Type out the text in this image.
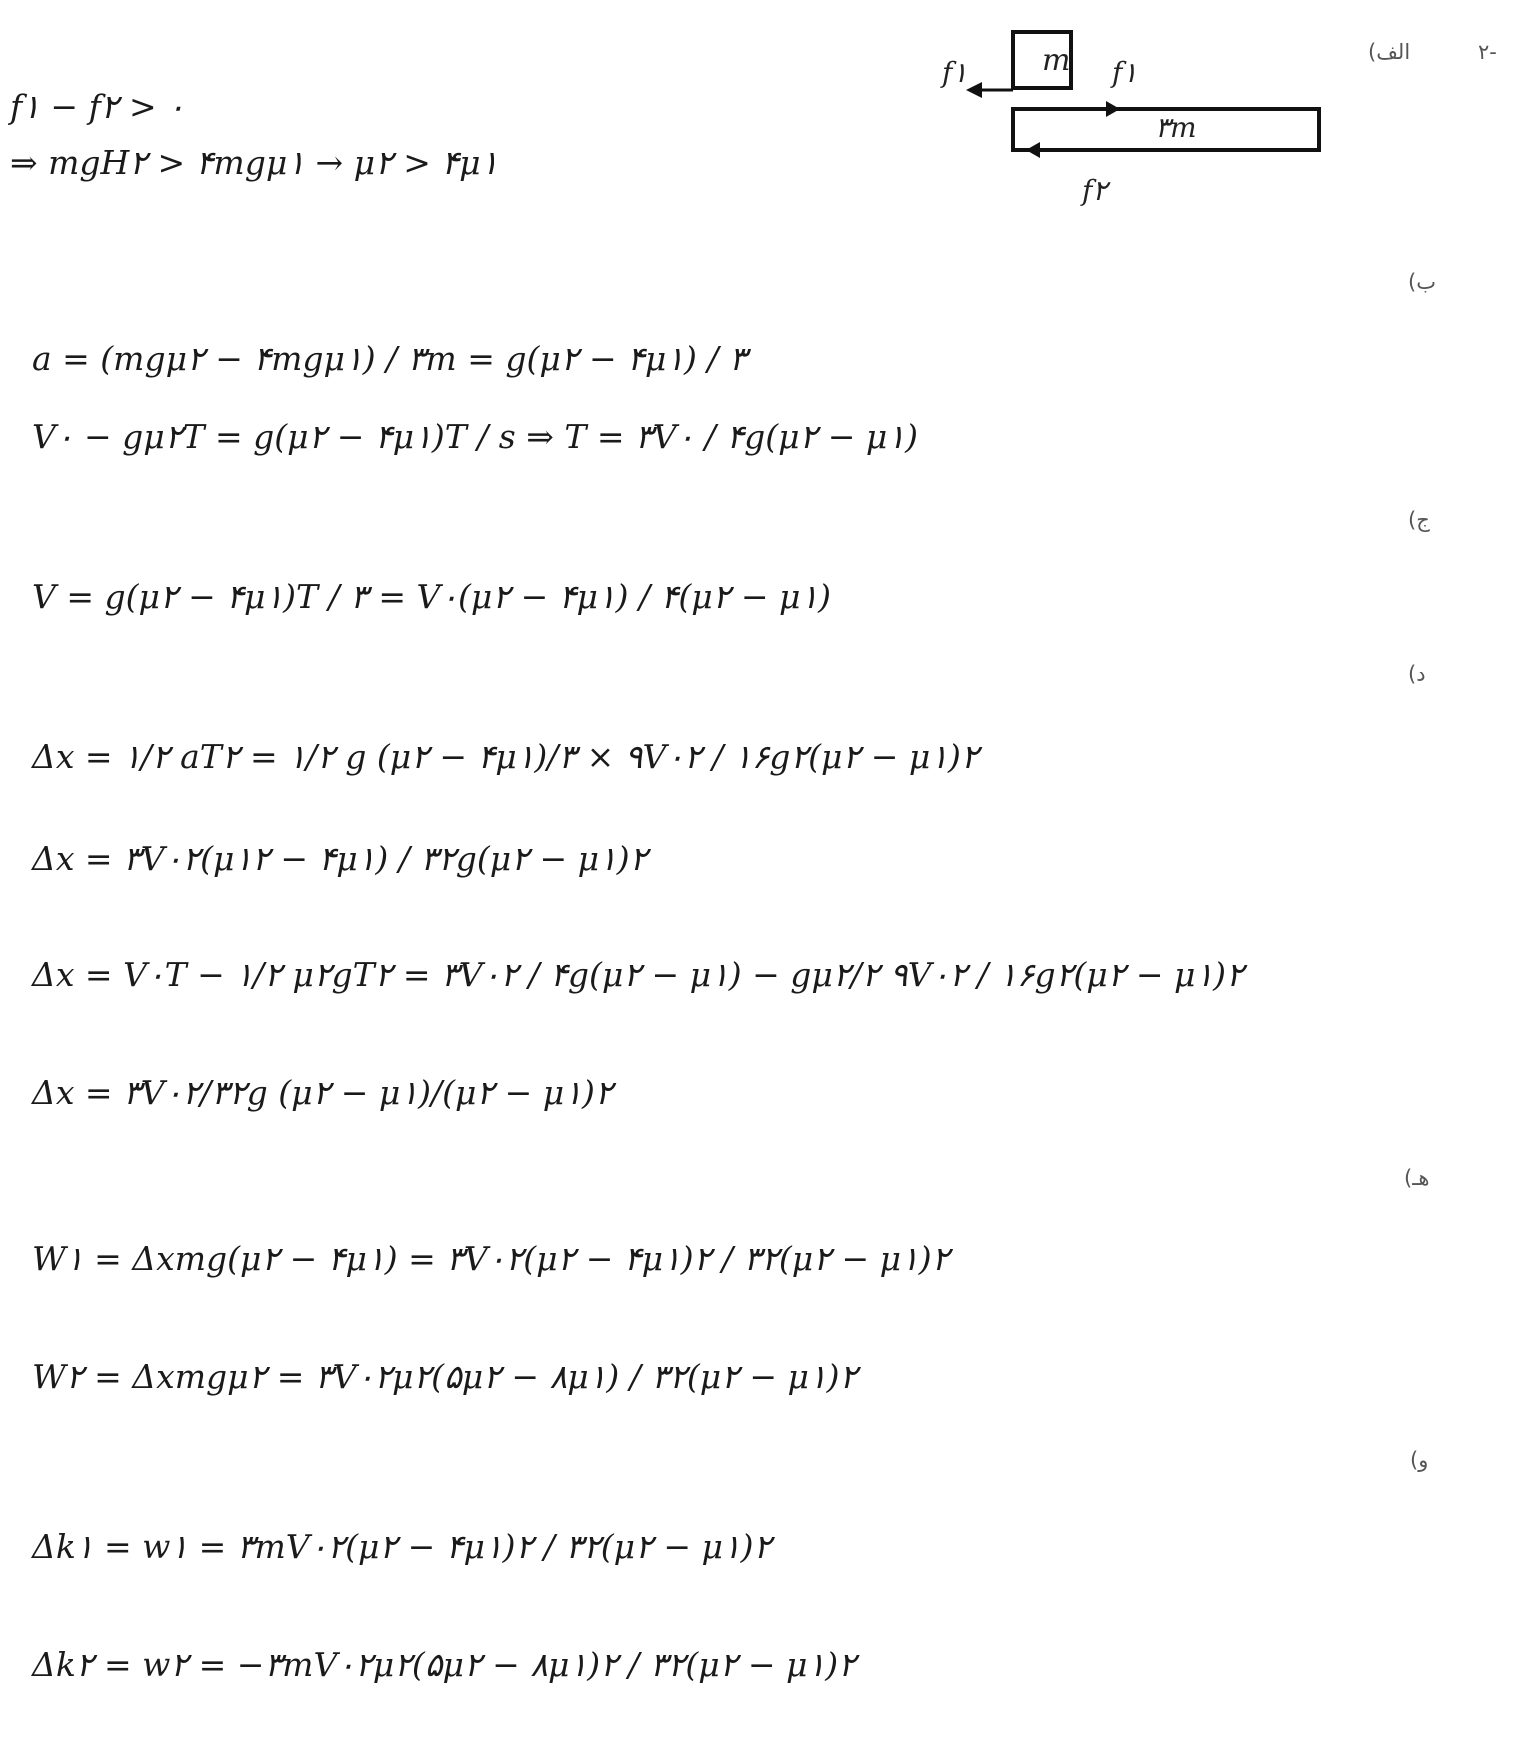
-۲
الف)
m
۳m
f۱	f۱
f۲
f۱ − f۲ > ۰
⇒ mgH۲ > ۴mgμ۱ → μ۲ > ۴μ۱
ب)
a = (mgμ۲ − ۴mgμ۱) / ۳m = g(μ۲ − ۴μ۱) / ۳
V۰ − gμ۲T = g(μ۲ − ۴μ۱)T / s ⇒ T = ۳V۰ / ۴g(μ۲ − μ۱)
ج)
V = g(μ۲ − ۴μ۱)T / ۳ = V۰(μ۲ − ۴μ۱) / ۴(μ۲ − μ۱)
د)
Δx = ۱/۲ aT۲ = ۱/۲ g (μ۲ − ۴μ۱)/۳ × ۹V۰۲ / ۱۶g۲(μ۲ − μ۱)۲
Δx = ۳V۰۲(μ۱۲ − ۴μ۱) / ۳۲g(μ۲ − μ۱)۲
Δx = V۰T − ۱/۲ μ۲gT۲ = ۳V۰۲ / ۴g(μ۲ − μ۱) − gμ۲/۲ ۹V۰۲ / ۱۶g۲(μ۲ − μ۱)۲
Δx = ۳V۰۲/۳۲g (μ۲ − μ۱)/(μ۲ − μ۱)۲
هـ)
W۱ = Δxmg(μ۲ − ۴μ۱) = ۳V۰۲(μ۲ − ۴μ۱)۲ / ۳۲(μ۲ − μ۱)۲
W۲ = Δxmgμ۲ = ۳V۰۲μ۲(۵μ۲ − ۸μ۱) / ۳۲(μ۲ − μ۱)۲
و)
Δk۱ = w۱ = ۳mV۰۲(μ۲ − ۴μ۱)۲ / ۳۲(μ۲ − μ۱)۲
Δk۲ = w۲ = −۳mV۰۲μ۲(۵μ۲ − ۸μ۱)۲ / ۳۲(μ۲ − μ۱)۲
